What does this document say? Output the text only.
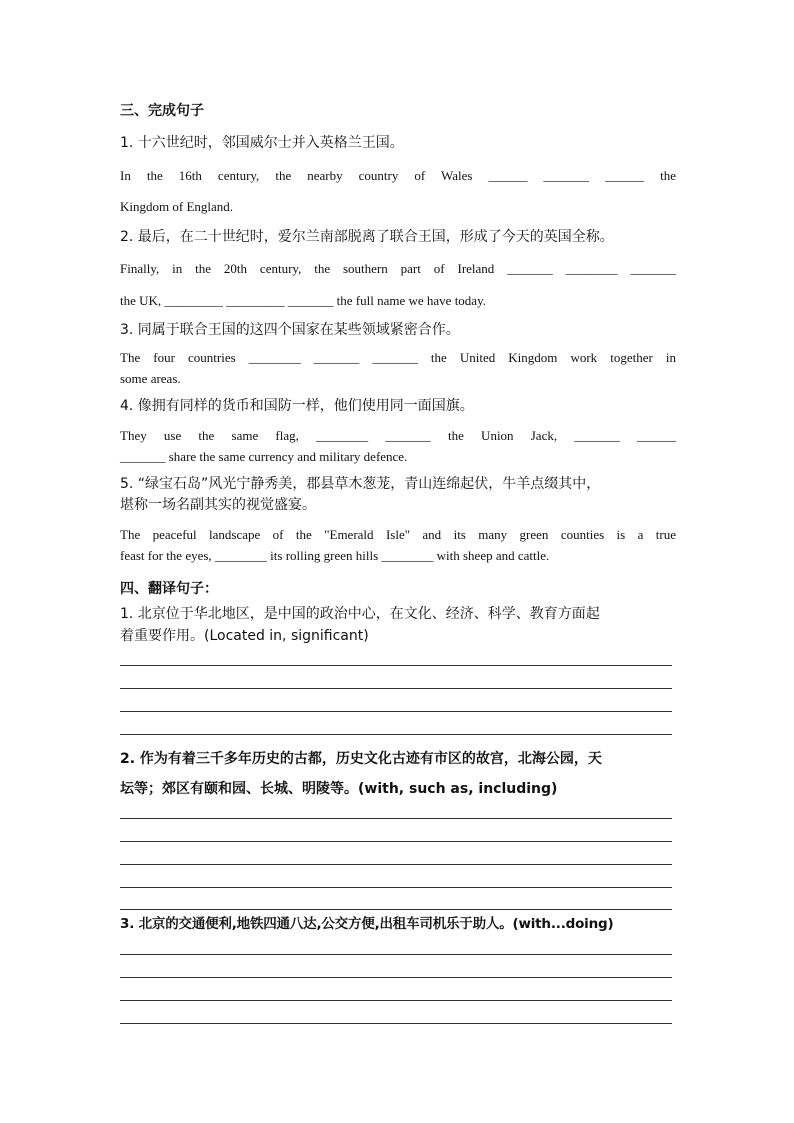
三、完成句子
1. 十六世纪时，邻国威尔士并入英格兰王国。
In the 16th century, the nearby country of Wales ______ _______ ______ the
Kingdom of England.
2. 最后，在二十世纪时，爱尔兰南部脱离了联合王国，形成了今天的英国全称。
Finally, in the 20th century, the southern part of Ireland _______ ________ _______
the UK, _________ _________ _______ the full name we have today.
3. 同属于联合王国的这四个国家在某些领域紧密合作。
The four countries ________ _______ _______ the United Kingdom work together in
some areas.
4. 像拥有同样的货币和国防一样，他们使用同一面国旗。
They use the same flag, ________ _______ the Union Jack, _______ ______
_______ share the same currency and military defence.
5. “绿宝石岛”风光宁静秀美，郡县草木葱茏，青山连绵起伏，牛羊点缀其中，
堪称一场名副其实的视觉盛宴。
The peaceful landscape of the "Emerald Isle" and its many green counties is a true
feast for the eyes, ________ its rolling green hills ________ with sheep and cattle.
四、翻译句子：
1. 北京位于华北地区，是中国的政治中心，在文化、经济、科学、教育方面起
着重要作用。(Located in, significant)
2. 作为有着三千多年历史的古都，历史文化古迹有市区的故宫，北海公园，天
坛等；郊区有颐和园、长城、明陵等。(with, such as, including)
3. 北京的交通便利,地铁四通八达,公交方便,出租车司机乐于助人。(with...doing)
